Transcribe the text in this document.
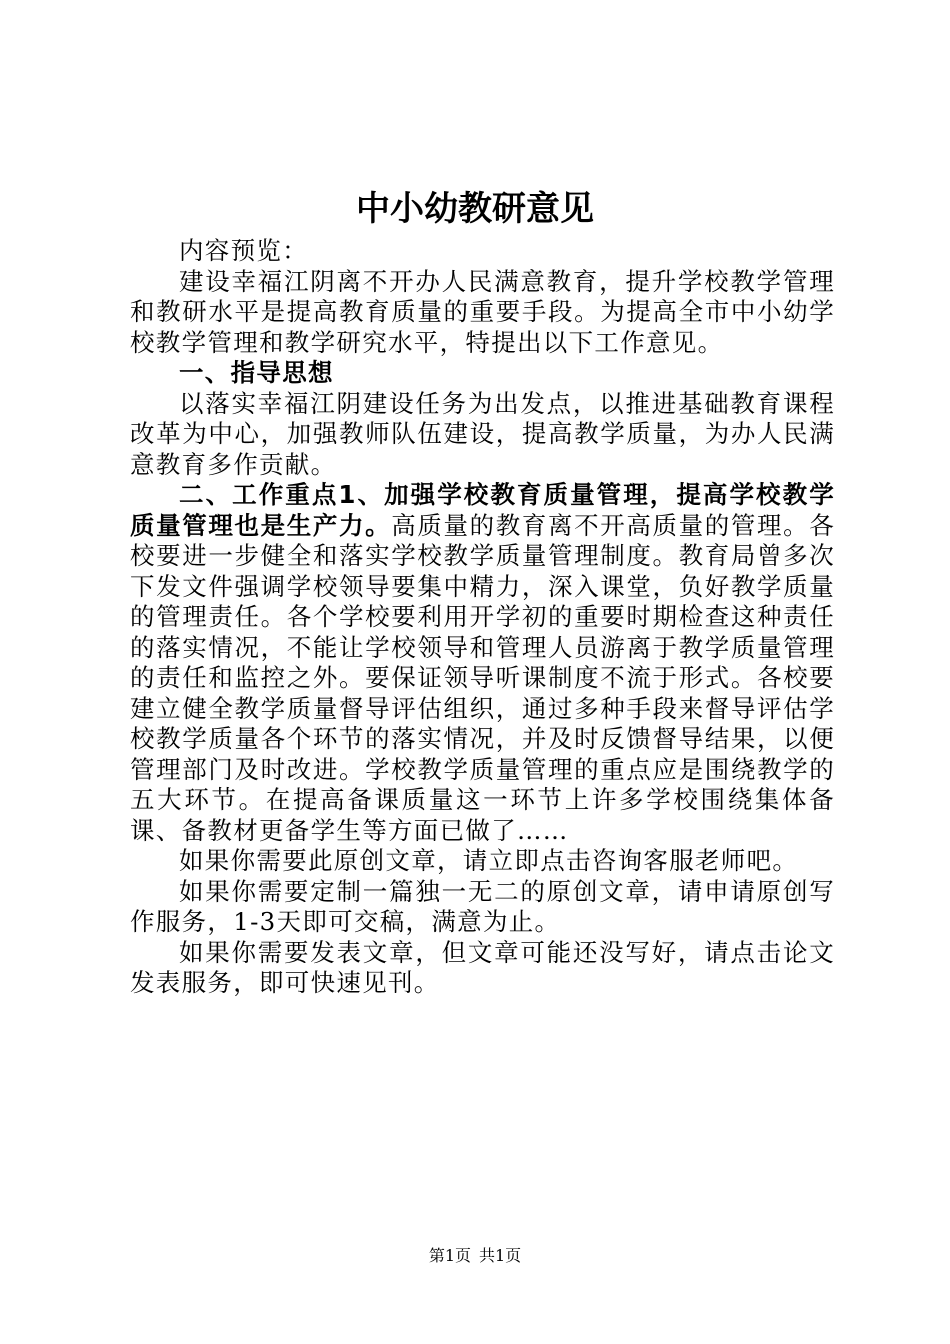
中小幼教研意见

内容预览：

建设幸福江阴离不开办人民满意教育，提升学校教学管理和教研水平是提高教育质量的重要手段。为提高全市中小幼学校教学管理和教学研究水平，特提出以下工作意见。

一、指导思想

以落实幸福江阴建设任务为出发点，以推进基础教育课程改革为中心，加强教师队伍建设，提高教学质量，为办人民满意教育多作贡献。

二、工作重点1、加强学校教育质量管理，提高学校教学质量管理也是生产力。高质量的教育离不开高质量的管理。各校要进一步健全和落实学校教学质量管理制度。教育局曾多次下发文件强调学校领导要集中精力，深入课堂，负好教学质量的管理责任。各个学校要利用开学初的重要时期检查这种责任的落实情况，不能让学校领导和管理人员游离于教学质量管理的责任和监控之外。要保证领导听课制度不流于形式。各校要建立健全教学质量督导评估组织，通过多种手段来督导评估学校教学质量各个环节的落实情况，并及时反馈督导结果，以便管理部门及时改进。学校教学质量管理的重点应是围绕教学的五大环节。在提高备课质量这一环节上许多学校围绕集体备课、备教材更备学生等方面已做了……

如果你需要此原创文章，请立即点击咨询客服老师吧。

如果你需要定制一篇独一无二的原创文章，请申请原创写作服务，1-3天即可交稿，满意为止。

如果你需要发表文章，但文章可能还没写好，请点击论文发表服务，即可快速见刊。

第1页 共1页
